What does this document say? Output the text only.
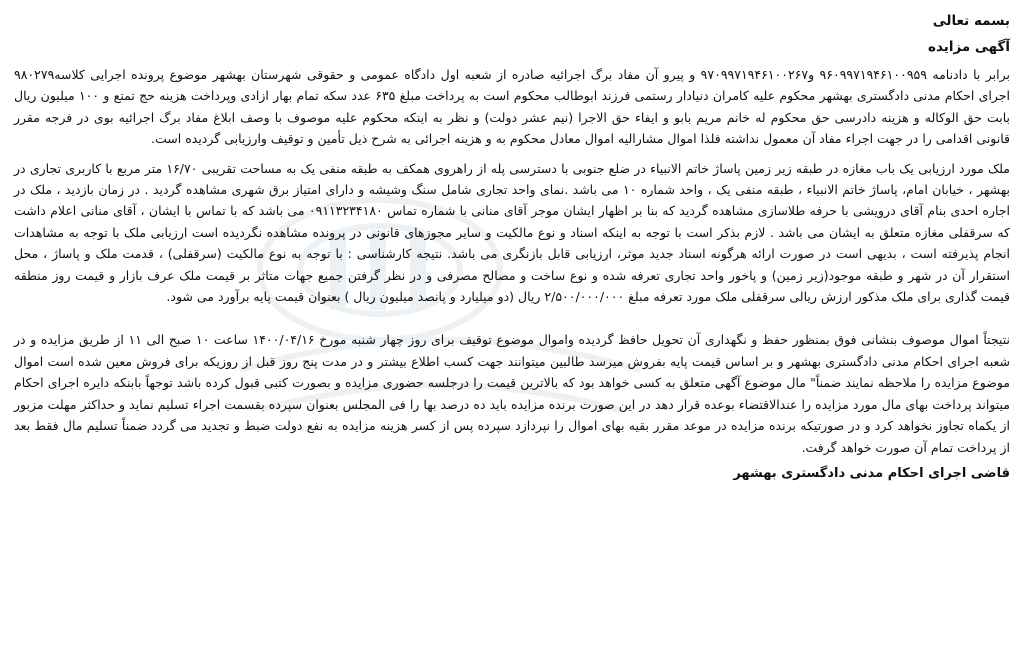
بسمه تعالی
آگهی مزایده

برابر با دادنامه ۹۶۰۹۹۷۱۹۴۶۱۰۰۹۵۹ و۹۷۰۹۹۷۱۹۴۶۱۰۰۲۶۷ و پیرو آن مفاد برگ اجرائیه صادره از شعبه اول دادگاه عمومی و حقوقی شهرستان بهشهر موضوع پرونده اجرایی کلاسه۹۸۰۲۷۹ اجرای احکام مدنی دادگستری بهشهر محکوم علیه کامران دنیادار رستمی فرزند ابوطالب محکوم است به پرداخت مبلغ ۶۳۵ عدد سکه تمام بهار ازادی وپرداخت هزینه حج تمتع و ۱۰۰ میلیون ریال بابت حق الوکاله و هزینه دادرسی حق محکوم له خانم مریم بابو و ایفاء حق الاجرا (نیم عشر دولت) و نظر به اینکه محکوم علیه موصوف با وصف ابلاغ مفاد برگ اجرائیه بوی در فرجه مقرر قانونی اقدامی را در جهت اجراء مفاد آن معمول نداشته فلذا اموال مشارالیه اموال معادل محکوم به و هزینه اجرائی به شرح ذیل تأمین و توقیف وارزیابی گردیده است.

ملک مورد ارزیابی یک باب مغازه در طبقه زیر زمین پاساژ خاتم الانبیاء در ضلع جنوبی با دسترسی پله از راهروی همکف به طبقه منفی یک به مساحت تقریبی ۱۶/۷۰ متر مربع با کاربری تجاری در بهشهر ، خیابان امام، پاساژ خاتم الانبیاء ، طبقه منفی یک ، واحد شماره ۱۰ می باشد .نمای واحد تجاری شامل سنگ وشیشه و دارای امتیاز برق شهری مشاهده گردید . در زمان بازدید ، ملک در اجاره احدی بنام آقای درویشی با حرفه طلاسازی مشاهده گردید که بنا بر اظهار ایشان موجر آقای منانی با شماره تماس ۰۹۱۱۳۲۳۴۱۸۰ می باشد که با تماس با ایشان ، آقای منانی اعلام داشت که سرقفلی مغازه متعلق به ایشان می باشد . لازم بذکر است با توجه به اینکه اسناد و نوع مالکیت و سایر مجوزهای قانونی در پرونده مشاهده نگردیده است ارزیابی ملک با توجه به مشاهدات انجام پذیرفته است ، بدیهی است در صورت ارائه هرگونه اسناد جدید موثر، ارزیابی قابل بازنگری می باشد. نتیجه کارشناسی : با توجه به نوع مالکیت (سرقفلی) ، قدمت ملک و پاساژ ، محل استقرار آن در شهر و طبقه موجود(زیر زمین) و پاخور واحد تجاری تعرفه شده و نوع ساخت و مصالح مصرفی و در نظر گرفتن جمیع جهات متاثر بر قیمت ملک عرف بازار و قیمت روز منطقه قیمت گذاری برای ملک مذکور ارزش ریالی سرقفلی ملک مورد تعرفه مبلغ ۲/۵۰۰/۰۰۰/۰۰۰ ریال (دو میلیارد و پانصد میلیون ریال ) بعنوان قیمت پایه برآورد می شود.

نتیجتاً اموال موصوف بنشانی فوق بمنظور حفظ و نگهداری آن تحویل حافظ گردیده واموال موضوع توقیف برای روز چهار شنبه مورخ ۱۴۰۰/۰۴/۱۶ ساعت ۱۰ صبح الی ۱۱ از طریق مزایده و در شعبه اجرای احکام مدنی دادگستری بهشهر و بر اساس قیمت پایه بفروش میرسد طالبین میتوانند جهت کسب اطلاع بیشتر و در مدت پنج روز قبل از روزیکه برای فروش معین شده است اموال موضوع مزایده را ملاحظه نمایند ضمناً" مال موضوع آگهی متعلق به کسی خواهد بود که بالاترین قیمت را درجلسه حضوری مزایده و بصورت کتبی قبول کرده باشد توجهاً بابنکه دایره اجرای احکام میتواند پرداخت بهای مال مورد مزایده را عندالاقتضاء بوعده قرار دهد در این صورت برنده مزایده باید ده درصد بها را فی المجلس بعنوان سپرده بقسمت اجراء تسلیم نماید و حداکثر مهلت مزبور از یکماه تجاوز نخواهد کرد و در صورتیکه برنده مزایده در موعد مقرر بقیه بهای اموال را نپردازد سپرده پس از کسر هزینه مزایده به نفع دولت ضبط و تجدید می گردد ضمناً تسلیم مال فقط بعد از پرداخت تمام آن صورت خواهد گرفت.

قاضی اجرای احکام مدنی دادگستری بهشهر
